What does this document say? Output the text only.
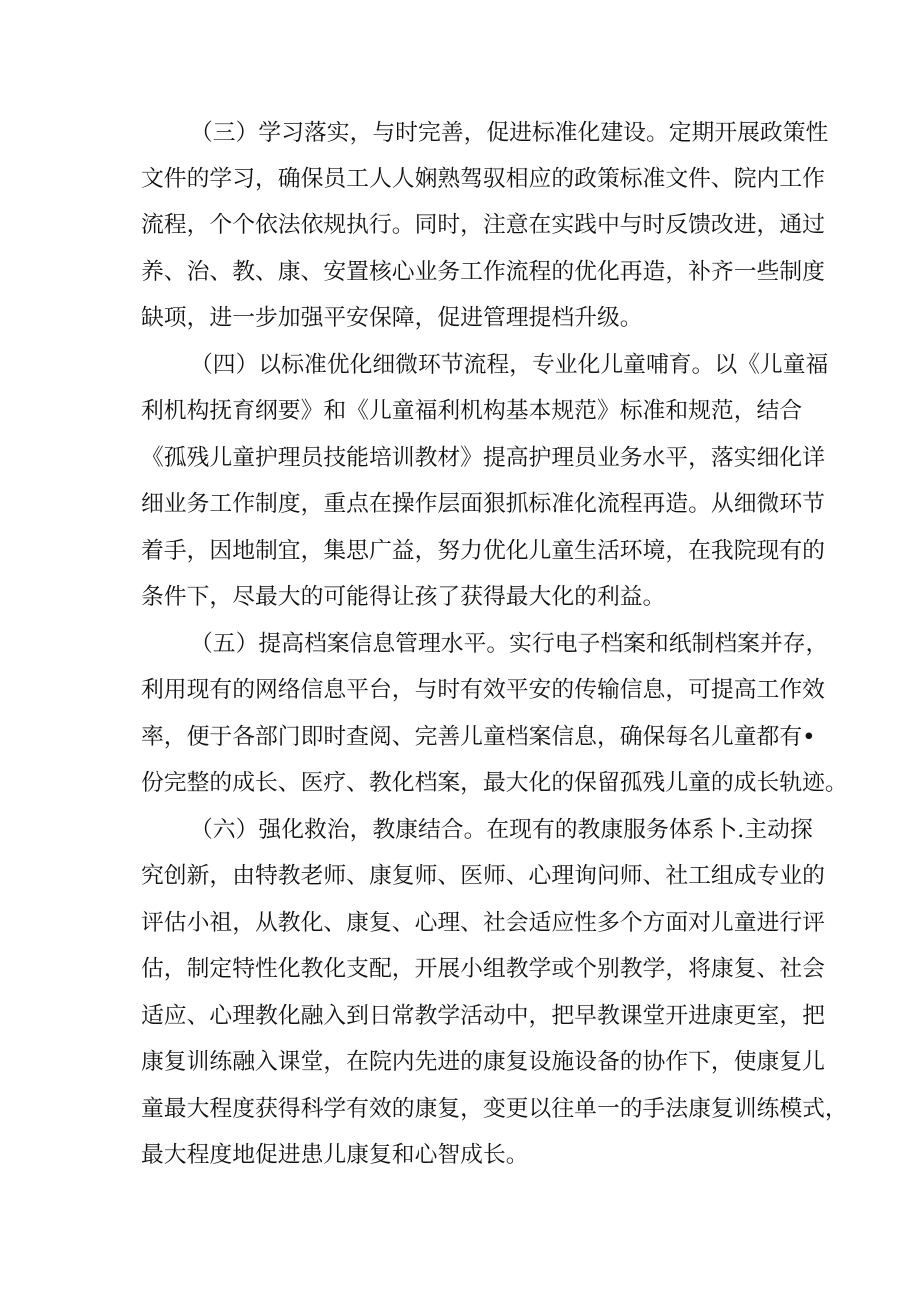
（三）学习落实，与时完善，促进标准化建设。定期开展政策性
文件的学习，确保员工人人娴熟驾驭相应的政策标准文件、院内工作
流程，个个依法依规执行。同时，注意在实践中与时反馈改进，通过
养、治、教、康、安置核心业务工作流程的优化再造，补齐一些制度
缺项，进一步加强平安保障，促进管理提档升级。
（四）以标准优化细微环节流程，专业化儿童哺育。以《儿童福
利机构抚育纲要》和《儿童福利机构基本规范》标准和规范，结合
《孤残儿童护理员技能培训教材》提高护理员业务水平，落实细化详
细业务工作制度，重点在操作层面狠抓标准化流程再造。从细微环节
着手，因地制宜，集思广益，努力优化儿童生活环境，在我院现有的
条件下，尽最大的可能得让孩了获得最大化的利益。
（五）提高档案信息管理水平。实行电子档案和纸制档案并存，
利用现有的网络信息平台，与时有效平安的传输信息，可提高工作效
率，便于各部门即时查阅、完善儿童档案信息，确保每名儿童都有•
份完整的成长、医疗、教化档案，最大化的保留孤残儿童的成长轨迹。
（六）强化救治，教康结合。在现有的教康服务体系卜.主动探
究创新，由特教老师、康复师、医师、心理询问师、社工组成专业的
评估小祖，从教化、康复、心理、社会适应性多个方面对儿童进行评
估，制定特性化教化支配，开展小组教学或个别教学，将康复、社会
适应、心理教化融入到日常教学活动中，把早教课堂开进康更室，把
康复训练融入课堂，在院内先进的康复设施设备的协作下，使康复儿
童最大程度获得科学有效的康复，变更以往单一的手法康复训练模式，
最大程度地促进患儿康复和心智成长。
